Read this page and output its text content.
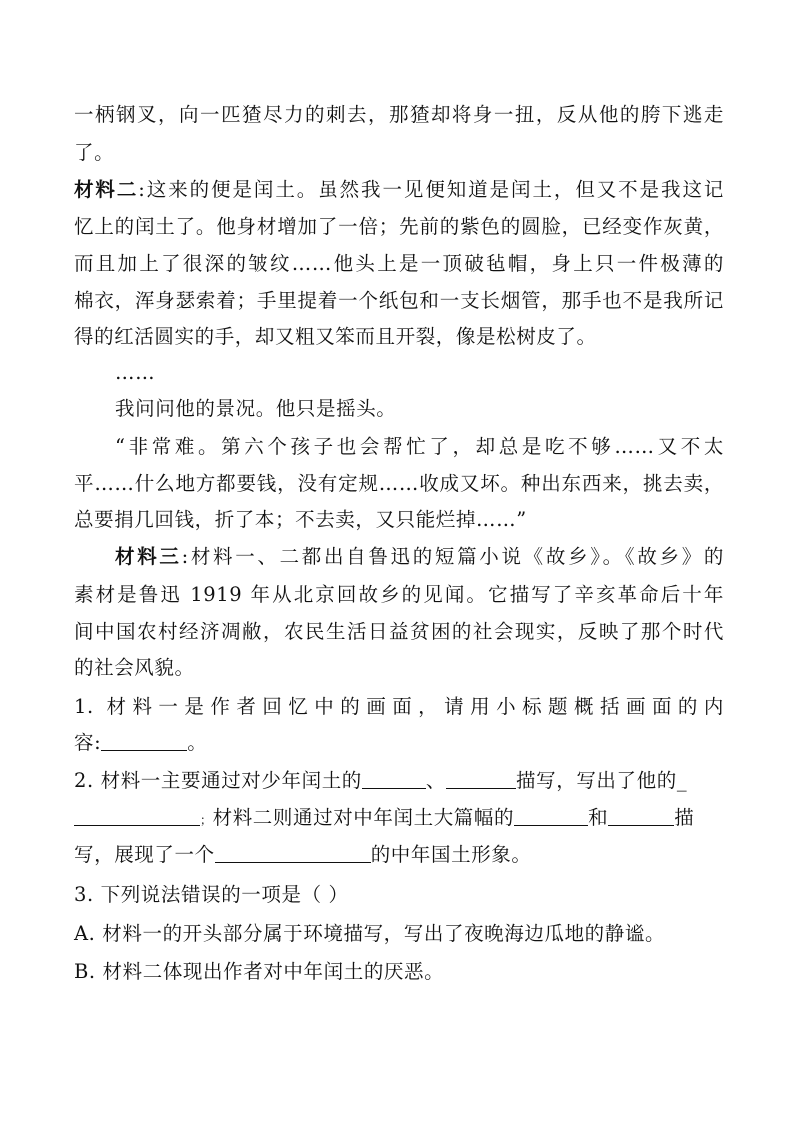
一柄钢叉，向一匹猹尽力的刺去，那猹却将身一扭，反从他的胯下逃走
了。
材料二:这来的便是闰土。虽然我一见便知道是闰土，但又不是我这记
忆上的闰土了。他身材增加了一倍；先前的紫色的圆脸，已经变作灰黄，
而且加上了很深的皱纹……他头上是一顶破毡帽，身上只一件极薄的
棉衣，浑身瑟索着；手里提着一个纸包和一支长烟管，那手也不是我所记
得的红活圆实的手，却又粗又笨而且开裂，像是松树皮了。
……
我问问他的景况。他只是摇头。
“非常难。第六个孩子也会帮忙了，却总是吃不够……又不太
平……什么地方都要钱，没有定规……收成又坏。种出东西来，挑去卖，
总要捐几回钱，折了本；不去卖，又只能烂掉……”
材料三:材料一、二都出自鲁迅的短篇小说《故乡》。《故乡》的
素材是鲁迅 1919 年从北京回故乡的见闻。它描写了辛亥革命后十年
间中国农村经济凋敝，农民生活日益贫困的社会现实，反映了那个时代
的社会风貌。
1. 材料一是作者回忆中的画面，请用小标题概括画面的内
容:	。
2. 材料一主要通过对少年闰土的	、	描写，写出了他的_
；材料二则通过对中年闰土大篇幅的	和	描
写，展现了一个	的中年国土形象。
3. 下列说法错误的一项是（ ）
A. 材料一的开头部分属于环境描写，写出了夜晚海边瓜地的静谧。
B. 材料二体现出作者对中年闰土的厌恶。
